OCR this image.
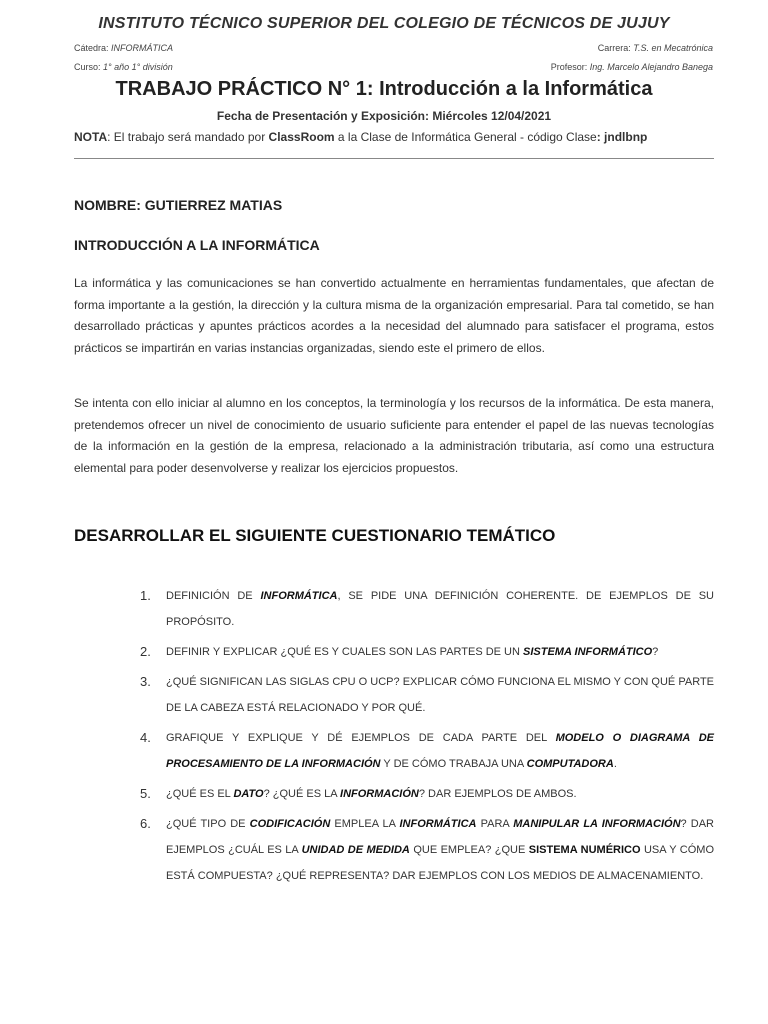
INSTITUTO TÉCNICO SUPERIOR DEL COLEGIO DE TÉCNICOS DE JUJUY
Cátedra: INFORMÁTICA	Carrera: T.S. en Mecatrónica
Curso: 1° año 1° división	Profesor: Ing. Marcelo Alejandro Banega
TRABAJO PRÁCTICO N° 1: Introducción a la Informática
Fecha de Presentación y Exposición: Miércoles 12/04/2021
NOTA: El trabajo será mandado por ClassRoom a la Clase de Informática General - código Clase: jndlbnp
NOMBRE: GUTIERREZ MATIAS
INTRODUCCIÓN A LA INFORMÁTICA
La informática y las comunicaciones se han convertido actualmente en herramientas fundamentales, que afectan de forma importante a la gestión, la dirección y la cultura misma de la organización empresarial. Para tal cometido, se han desarrollado prácticas y apuntes prácticos acordes a la necesidad del alumnado para satisfacer el programa, estos prácticos se impartirán en varias instancias organizadas, siendo este el primero de ellos.
Se intenta con ello iniciar al alumno en los conceptos, la terminología y los recursos de la informática. De esta manera, pretendemos ofrecer un nivel de conocimiento de usuario suficiente para entender el papel de las nuevas tecnologías de la información en la gestión de la empresa, relacionado a la administración tributaria, así como una estructura elemental para poder desenvolverse y realizar los ejercicios propuestos.
DESARROLLAR EL SIGUIENTE CUESTIONARIO TEMÁTICO
1. DEFINICIÓN DE INFORMÁTICA, SE PIDE UNA DEFINICIÓN COHERENTE. DE EJEMPLOS DE SU PROPÓSITO.
2. DEFINIR Y EXPLICAR ¿QUÉ ES Y CUALES SON LAS PARTES DE UN SISTEMA INFORMÁTICO?
3. ¿QUÉ SIGNIFICAN LAS SIGLAS CPU O UCP? EXPLICAR CÓMO FUNCIONA EL MISMO Y CON QUÉ PARTE DE LA CABEZA ESTÁ RELACIONADO Y POR QUÉ.
4. GRAFIQUE Y EXPLIQUE Y DÉ EJEMPLOS DE CADA PARTE DEL MODELO O DIAGRAMA DE PROCESAMIENTO DE LA INFORMACIÓN Y DE CÓMO TRABAJA UNA COMPUTADORA.
5. ¿QUÉ ES EL DATO? ¿QUÉ ES LA INFORMACIÓN? DAR EJEMPLOS DE AMBOS.
6. ¿QUÉ TIPO DE CODIFICACIÓN EMPLEA LA INFORMÁTICA PARA MANIPULAR LA INFORMACIÓN? DAR EJEMPLOS ¿CUÁL ES LA UNIDAD DE MEDIDA QUE EMPLEA? ¿QUE SISTEMA NUMÉRICO USA Y CÓMO ESTÁ COMPUESTA? ¿QUÉ REPRESENTA? DAR EJEMPLOS CON LOS MEDIOS DE ALMACENAMIENTO.
